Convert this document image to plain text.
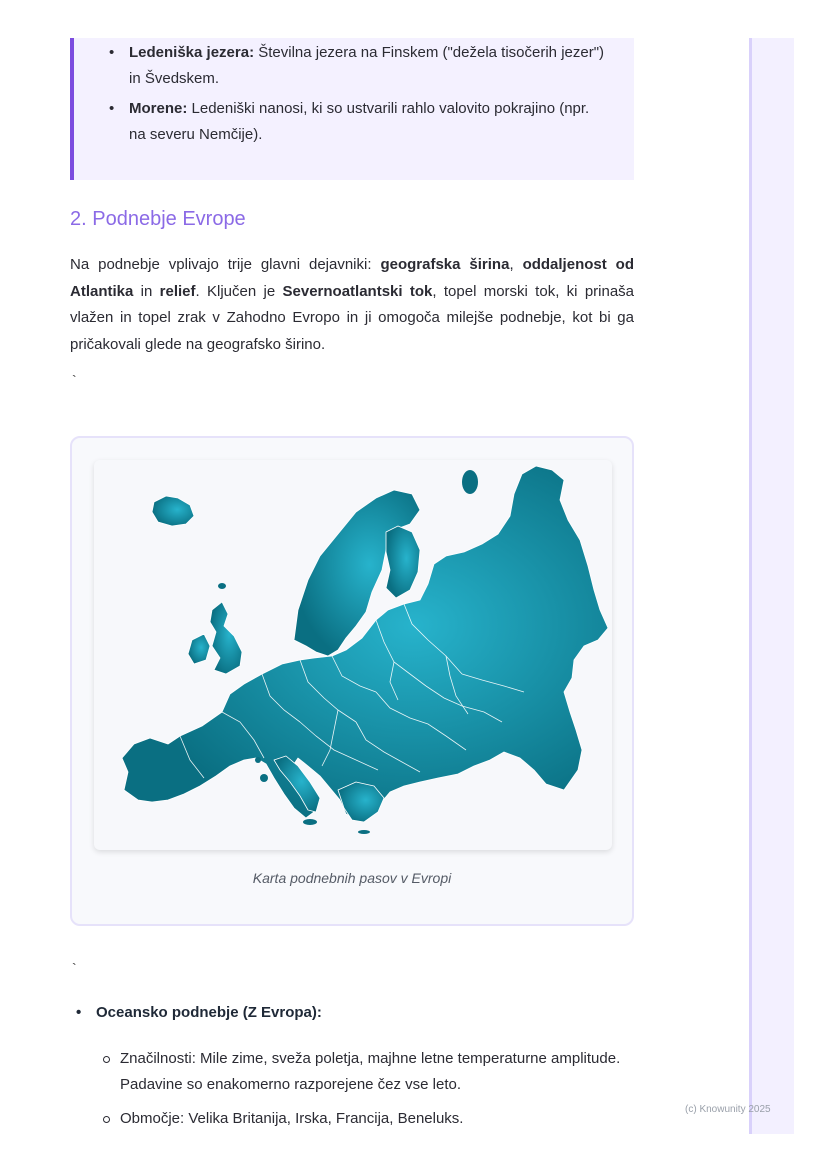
• Ledeniška jezera: Številna jezera na Finskem ("dežela tisočerih jezer") in Švedskem.
• Morene: Ledeniški nanosi, ki so ustvarili rahlo valovito pokrajino (npr. na severu Nemčije).
2. Podnebje Evrope

Na podnebje vplivajo trije glavni dejavniki: geografska širina, oddaljenost od Atlantika in relief. Ključen je Severnoatlantski tok, topel morski tok, ki prinaša vlažen in topel zrak v Zahodno Evropo in ji omogoča milejše podnebje, kot bi ga pričakovali glede na geografsko širino.

`
Karta podnebnih pasov v Evropi
`
• Oceansko podnebje (Z Evropa):
Značilnosti: Mile zime, sveža poletja, majhne letne temperaturne amplitude. Padavine so enakomerno razporejene čez vse leto.
Območje: Velika Britanija, Irska, Francija, Beneluks.
(c) Knowunity 2025
